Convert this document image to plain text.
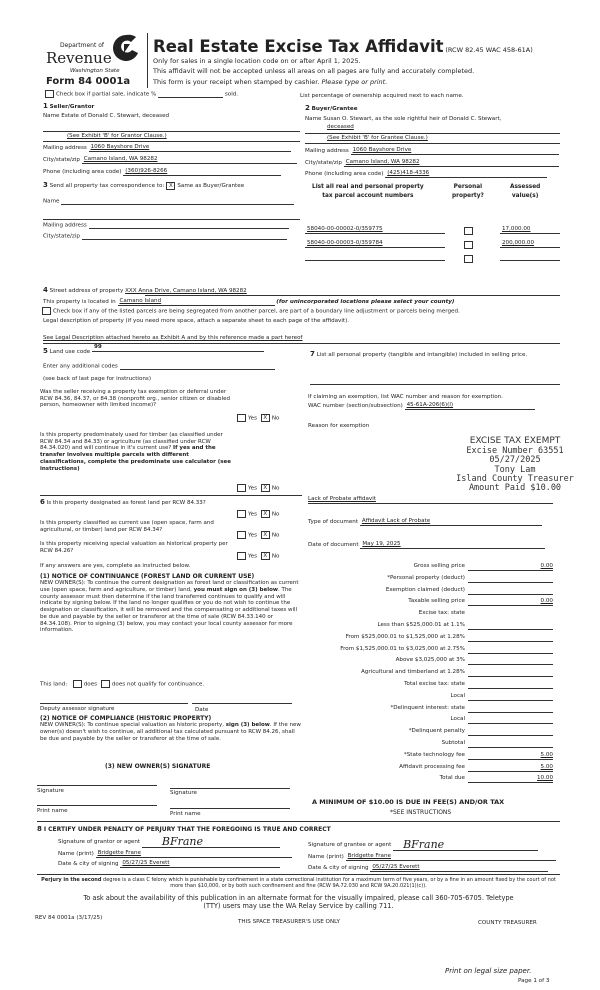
Department of
Revenue
Washington State
Form 84 0001a
Real Estate Excise Tax Affidavit (RCW 82.45 WAC 458-61A)
Only for sales in a single location code on or after April 1, 2025.
This affidavit will not be accepted unless all areas on all pages are fully and accurately completed.
This form is your receipt when stamped by cashier. Please type or print.
Check box if partial sale, indicate %	sold.	List percentage of ownership acquired next to each name.
1 Seller/Grantor
Name Estate of Donald C. Stewart, deceased
(See Exhibit 'B' for Grantor Clause.)
Mailing address 1060 Bayshore Drive
City/state/zip Camano Island, WA 98282
Phone (including area code) (360)926-8266
2 Buyer/Grantee
Name Susan O. Stewart, as the sole rightful heir of Donald C. Stewart,
deceased
(See Exhibit 'B' for Grantee Clause.)
Mailing address 1060 Bayshore Drive
City/state/zip Camano Island, WA 98282
Phone (including area code) (425)418-4336
3 Send all property tax correspondence to: X Same as Buyer/Grantee
Name
Mailing address
City/state/zip
List all real and personal property
tax parcel account numbers
Personal
property?
Assessed
value(s)
58040-00-00002-0/359775	17,000.00
58040-00-00003-0/359784	200,000.00
4 Street address of property XXX Anna Drive, Camano Island, WA 98282
This property is located in Camano Island	(for unincorporated locations please select your county)
Check box if any of the listed parcels are being segregated from another parcel, are part of a boundary line adjustment or parcels being merged.
Legal description of property (if you need more space, attach a separate sheet to each page of the affidavit).
See Legal Description attached hereto as Exhibit A and by this reference made a part hereof
5 Land use code 99
Enter any additional codes
(see back of last page for instructions)
Was the seller receiving a property tax exemption or deferral under RCW 84.36, 84.37, or 84.38 (nonprofit org., senior citizen or disabled person, homeowner with limited income)?
Is this property predominately used for timber (as classified under RCW 84.34 and 84.33) or agriculture (as classified under RCW 84.34.020) and will continue in it's current use? If yes and the transfer involves multiple parcels with different classifications, complete the predominate use calculator (see instructions)
6 Is this property designated as forest land per RCW 84.33?
Is this property classified as current use (open space, farm and agricultural, or timber) land per RCW 84.34?
Is this property receiving special valuation as historical property per RCW 84.26?
Yes X No
Yes X No
Yes X No
Yes X No
Yes X No
If any answers are yes, complete as instructed below.
(1) NOTICE OF CONTINUANCE (FOREST LAND OR CURRENT USE)
NEW OWNER(S): To continue the current designation as forest land or classification as current use (open space, farm and agriculture, or timber) land, you must sign on (3) below. The county assessor must then determine if the land transferred continues to qualify and will indicate by signing below. If the land no longer qualifies or you do not wish to continue the designation or classification, it will be removed and the compensating or additional taxes will be due and payable by the seller or transferor at the time of sale (RCW 84.33.140 or 84.34.108). Prior to signing (3) below, you may contact your local county assessor for more information.
This land:	does	does not qualify for continuance.
Deputy assessor signature	Date
(2) NOTICE OF COMPLIANCE (HISTORIC PROPERTY)
NEW OWNER(S): To continue special valuation as historic property, sign (3) below. If the new owner(s) doesn't wish to continue, all additional tax calculated pursuant to RCW 84.26, shall be due and payable by the seller or transferor at the time of sale.
(3) NEW OWNER(S) SIGNATURE
Signature	Signature
Print name	Print name
7 List all personal property (tangible and intangible) included in selling price.
If claiming an exemption, list WAC number and reason for exemption.
WAC number (section/subsection) 45-61A-206(6)(l)
Reason for exemption
EXCISE TAX EXEMPT
Excise Number 63551
05/27/2025
Tony Lam
Island County Treasurer
Amount Paid $10.00
Lack of Probate affidavit
Type of document Affidavit Lack of Probate
Date of document May 19, 2025
Gross selling price	0.00
*Personal property (deduct)
Exemption claimed (deduct)
Taxable selling price	0.00
Excise tax: state
Less than $525,000.01 at 1.1%
From $525,000.01 to $1,525,000 at 1.28%
From $1,525,000.01 to $3,025,000 at 2.75%
Above $3,025,000 at 3%
Agricultural and timberland at 1.28%
Total excise tax: state
Local
*Delinquent interest: state
Local
*Delinquent penalty
Subtotal
*State technology fee	5.00
Affidavit processing fee	5.00
Total due	10.00
A MINIMUM OF $10.00 IS DUE IN FEE(S) AND/OR TAX
*SEE INSTRUCTIONS
8 I CERTIFY UNDER PENALTY OF PERJURY THAT THE FOREGOING IS TRUE AND CORRECT
Signature of grantor or agent BFrane
Name (print) Bridgette Frane
Date & city of signing 05/27/25 Everett
Signature of grantee or agent BFrane
Name (print) Bridgette Frane
Date & city of signing 05/27/25 Everett
Perjury in the second degree is a class C felony which is punishable by confinement in a state correctional institution for a maximum term of five years, or by a fine in an amount fixed by the court of not more than $10,000, or by both such confinement and fine (RCW 9A.72.030 and RCW 9A.20.021(1)(c)).
To ask about the availability of this publication in an alternate format for the visually impaired, please call 360-705-6705. Teletype
(TTY) users may use the WA Relay Service by calling 711.
REV 84 0001a (3/17/25)
THIS SPACE TREASURER'S USE ONLY	COUNTY TREASURER
Print on legal size paper.
Page 1 of 3
